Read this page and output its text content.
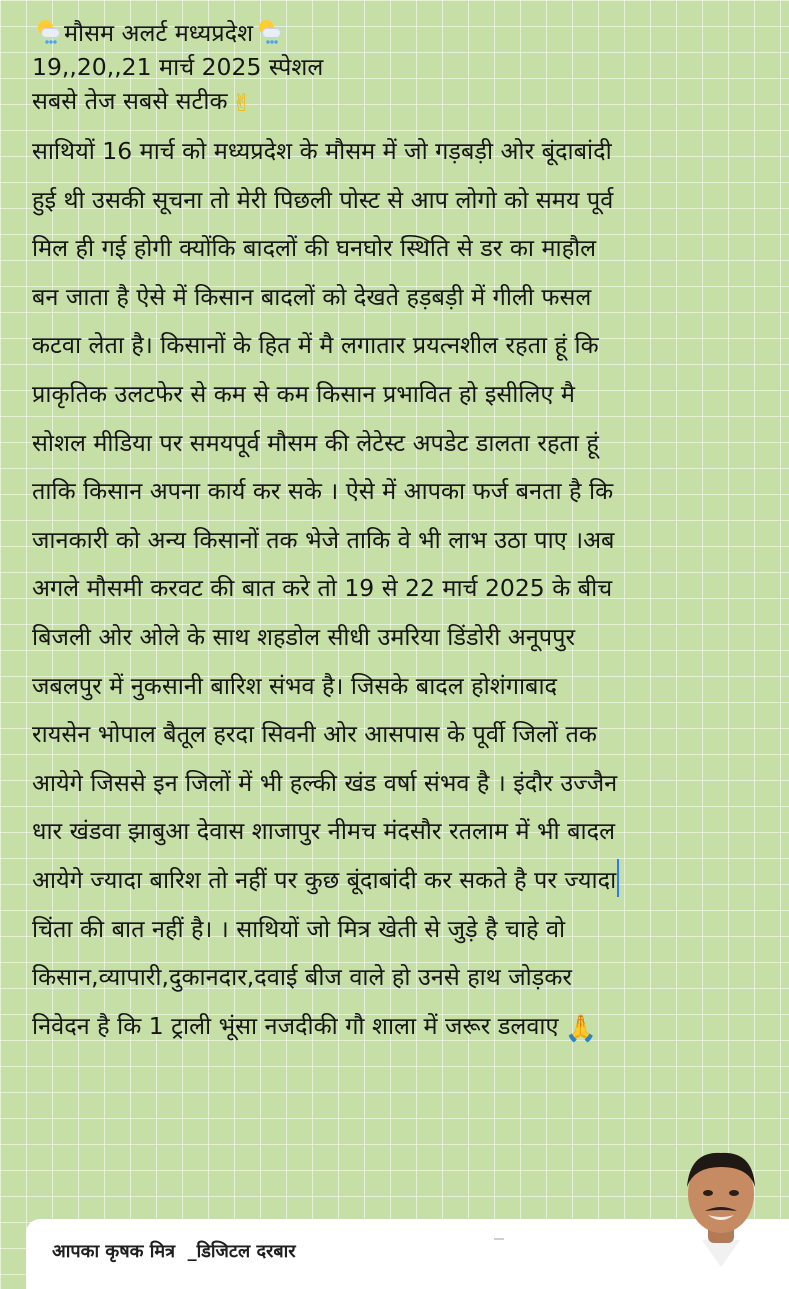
मौसम अलर्ट मध्यप्रदेश
19,,20,,21 मार्च 2025 स्पेशल
सबसे तेज सबसे सटीक ✌
साथियों 16 मार्च को मध्यप्रदेश के मौसम में जो गड़बड़ी ओर बूंदाबांदी
हुई थी उसकी सूचना तो मेरी पिछली पोस्ट से आप लोगो को समय पूर्व
मिल ही गई होगी क्योंकि बादलों की घनघोर स्थिति से डर का माहौल
बन जाता है ऐसे में किसान बादलों को देखते हड़बड़ी में गीली फसल
कटवा लेता है। किसानों के हित में मै लगातार प्रयत्नशील रहता हूं कि
प्राकृतिक उलटफेर से कम से कम किसान प्रभावित हो इसीलिए मै
सोशल मीडिया पर समयपूर्व मौसम की लेटेस्ट अपडेट डालता रहता हूं
ताकि किसान अपना कार्य कर सके । ऐसे में आपका फर्ज बनता है कि
जानकारी को अन्य किसानों तक भेजे ताकि वे भी लाभ उठा पाए ।अब
अगले मौसमी करवट की बात करे तो 19 से 22 मार्च 2025 के बीच
बिजली ओर ओले के साथ शहडोल सीधी उमरिया डिंडोरी अनूपपुर
जबलपुर में नुकसानी बारिश संभव है। जिसके बादल होशंगाबाद
रायसेन भोपाल बैतूल हरदा सिवनी ओर आसपास के पूर्वी जिलों तक
आयेगे जिससे इन जिलों में भी हल्की खंड वर्षा संभव है । इंदौर उज्जैन
धार खंडवा झाबुआ देवास शाजापुर नीमच मंदसौर रतलाम में भी बादल
आयेगे ज्यादा बारिश तो नहीं पर कुछ बूंदाबांदी कर सकते है पर ज्यादा
चिंता की बात नहीं है। । साथियों जो मित्र खेती से जुड़े है चाहे वो
किसान,व्यापारी,दुकानदार,दवाई बीज वाले हो उनसे हाथ जोड़कर
निवेदन है कि 1 ट्राली भूंसा नजदीकी गौ शाला में जरूर डलवाए 🙏
आपका कृषक मित्र  _डिजिटल दरबार
